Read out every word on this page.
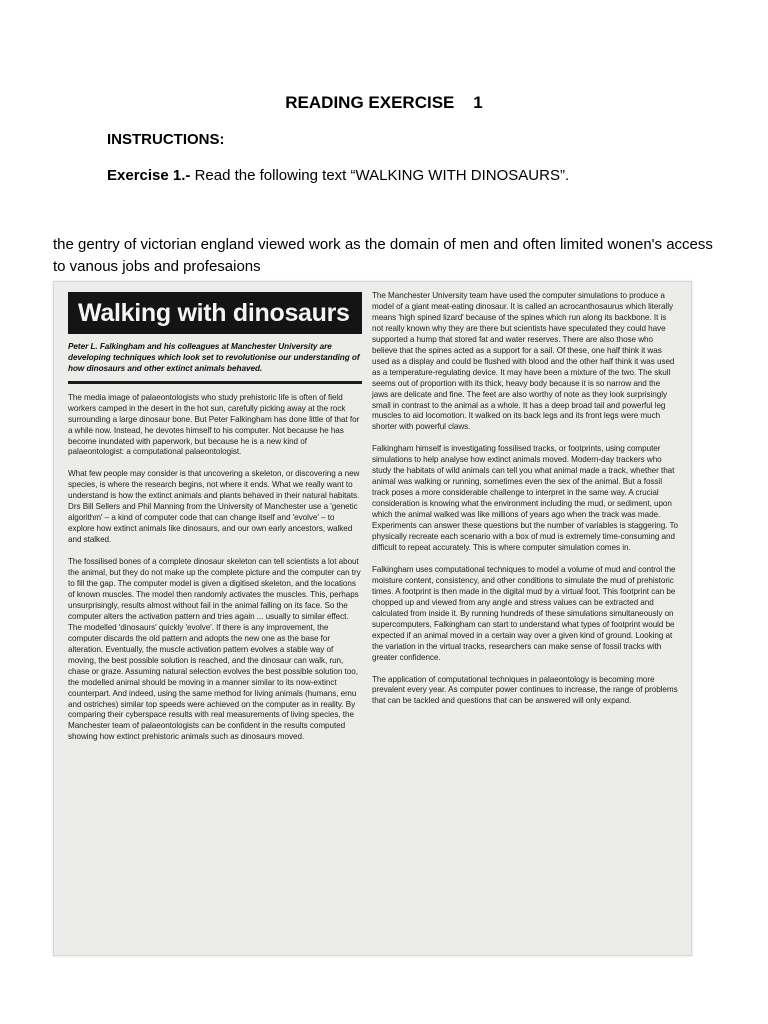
READING EXERCISE    1
INSTRUCTIONS:
Exercise 1.- Read the following text “WALKING WITH DINOSAURS”.
the gentry of victorian england viewed work as the domain of men and often limited wonen's access to vanous jobs and profesaions
Walking with dinosaurs
Peter L. Falkingham and his colleagues at Manchester University are developing techniques which look set to revolutionise our understanding of how dinosaurs and other extinct animals behaved.

The media image of palaeontologists who study prehistoric life is often of field workers camped in the desert in the hot sun, carefully picking away at the rock surrounding a large dinosaur bone. But Peter Falkingham has done little of that for a while now. Instead, he devotes himself to his computer. Not because he has become inundated with paperwork, but because he is a new kind of palaeontologist: a computational palaeontologist.

What few people may consider is that uncovering a skeleton, or discovering a new species, is where the research begins, not where it ends. What we really want to understand is how the extinct animals and plants behaved in their natural habitats. Drs Bill Sellers and Phil Manning from the University of Manchester use a 'genetic algorithm' – a kind of computer code that can change itself and 'evolve' – to explore how extinct animals like dinosaurs, and our own early ancestors, walked and stalked.

The fossilised bones of a complete dinosaur skeleton can tell scientists a lot about the animal, but they do not make up the complete picture and the computer can try to fill the gap. The computer model is given a digitised skeleton, and the locations of known muscles. The model then randomly activates the muscles. This, perhaps unsurprisingly, results almost without fail in the animal falling on its face. So the computer alters the activation pattern and tries again ... usually to similar effect. The modelled 'dinosaurs' quickly 'evolve'. If there is any improvement, the computer discards the old pattern and adopts the new one as the base for alteration. Eventually, the muscle activation pattern evolves a stable way of moving, the best possible solution is reached, and the dinosaur can walk, run, chase or graze. Assuming natural selection evolves the best possible solution too, the modelled animal should be moving in a manner similar to its now-extinct counterpart. And indeed, using the same method for living animals (humans, emu and ostriches) similar top speeds were achieved on the computer as in reality. By comparing their cyberspace results with real measurements of living species, the Manchester team of palaeontologists can be confident in the results computed showing how extinct prehistoric animals such as dinosaurs moved.

The Manchester University team have used the computer simulations to produce a model of a giant meat-eating dinosaur. It is called an acrocanthosaurus which literally means 'high spined lizard' because of the spines which run along its backbone. It is not really known why they are there but scientists have speculated they could have supported a hump that stored fat and water reserves. There are also those who believe that the spines acted as a support for a sail. Of these, one half think it was used as a display and could be flushed with blood and the other half think it was used as a temperature-regulating device. It may have been a mixture of the two. The skull seems out of proportion with its thick, heavy body because it is so narrow and the jaws are delicate and fine. The feet are also worthy of note as they look surprisingly small in contrast to the animal as a whole. It has a deep broad tail and powerful leg muscles to aid locomotion. It walked on its back legs and its front legs were much shorter with powerful claws.

Falkingham himself is investigating fossilised tracks, or footprints, using computer simulations to help analyse how extinct animals moved. Modern-day trackers who study the habitats of wild animals can tell you what animal made a track, whether that animal was walking or running, sometimes even the sex of the animal. But a fossil track poses a more considerable challenge to interpret in the same way. A crucial consideration is knowing what the environment including the mud, or sediment, upon which the animal walked was like millions of years ago when the track was made. Experiments can answer these questions but the number of variables is staggering. To physically recreate each scenario with a box of mud is extremely time-consuming and difficult to repeat accurately. This is where computer simulation comes in.

Falkingham uses computational techniques to model a volume of mud and control the moisture content, consistency, and other conditions to simulate the mud of prehistoric times. A footprint is then made in the digital mud by a virtual foot. This footprint can be chopped up and viewed from any angle and stress values can be extracted and calculated from inside it. By running hundreds of these simulations simultaneously on supercomputers, Falkingham can start to understand what types of footprint would be expected if an animal moved in a certain way over a given kind of ground. Looking at the variation in the virtual tracks, researchers can make sense of fossil tracks with greater confidence.

The application of computational techniques in palaeontology is becoming more prevalent every year. As computer power continues to increase, the range of problems that can be tackled and questions that can be answered will only expand.
